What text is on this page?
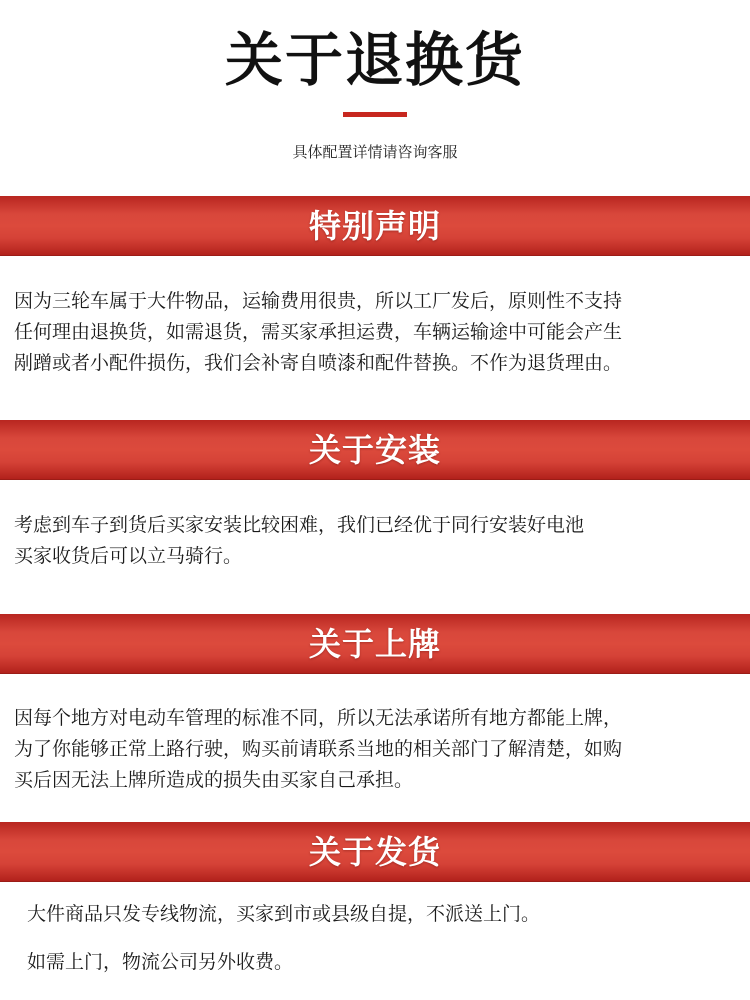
关于退换货
具体配置详情请咨询客服
特别声明

因为三轮车属于大件物品，运输费用很贵，所以工厂发后，原则性不支持

任何理由退换货，如需退货，需买家承担运费，车辆运输途中可能会产生

剐蹭或者小配件损伤，我们会补寄自喷漆和配件替换。不作为退货理由。

关于安装

考虑到车子到货后买家安装比较困难，我们已经优于同行安装好电池

买家收货后可以立马骑行。

关于上牌

因每个地方对电动车管理的标准不同，所以无法承诺所有地方都能上牌，

为了你能够正常上路行驶，购买前请联系当地的相关部门了解清楚，如购

买后因无法上牌所造成的损失由买家自己承担。

关于发货

大件商品只发专线物流，买家到市或县级自提，不派送上门。

如需上门，物流公司另外收费。
